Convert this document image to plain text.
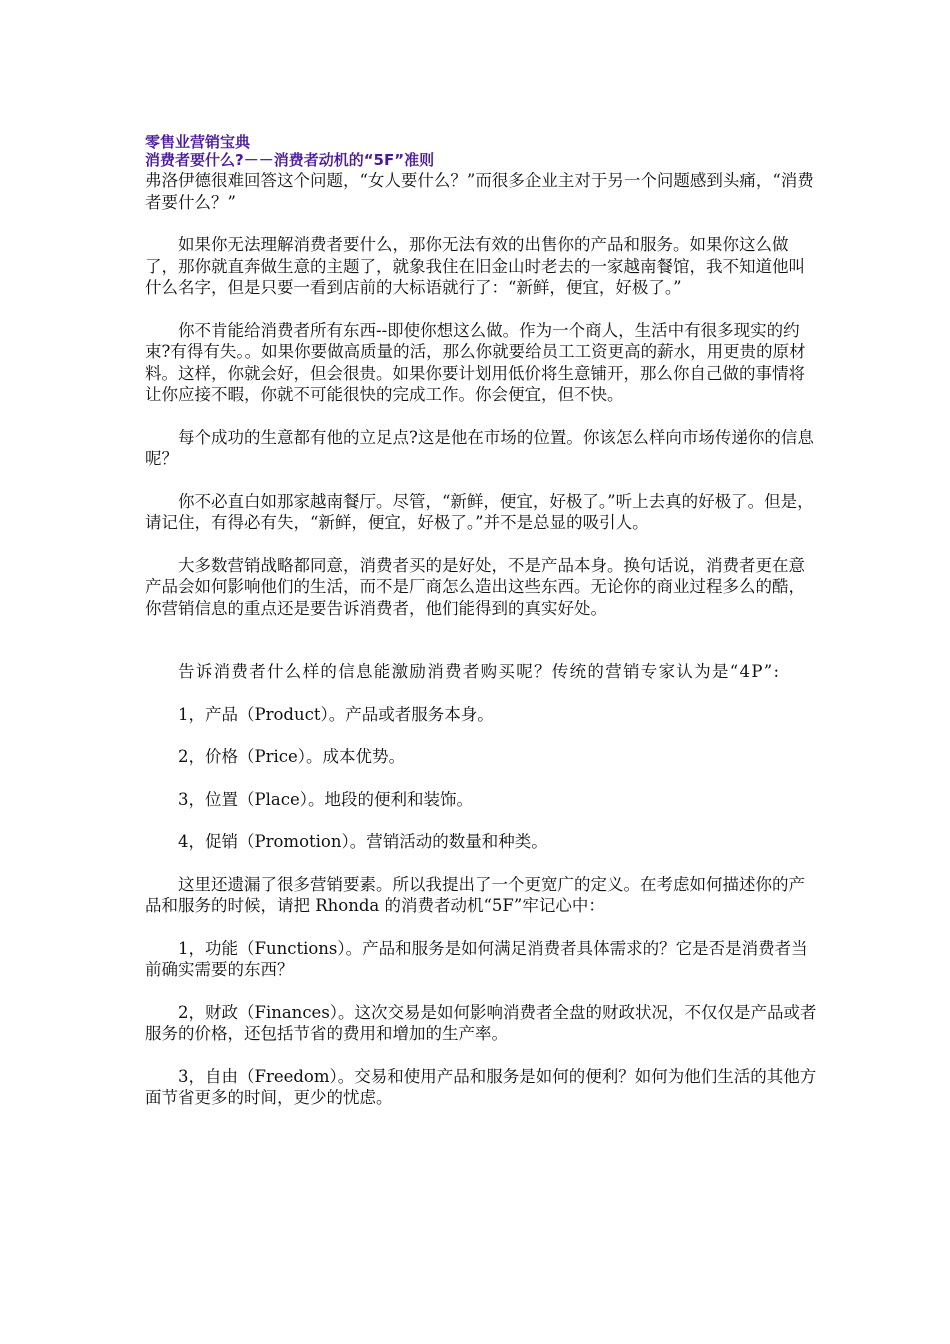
零售业营销宝典
消费者要什么?－－消费者动机的“5F”准则

弗洛伊德很难回答这个问题，“女人要什么？”而很多企业主对于另一个问题感到头痛，“消费者要什么？”

如果你无法理解消费者要什么，那你无法有效的出售你的产品和服务。如果你这么做了，那你就直奔做生意的主题了，就象我住在旧金山时老去的一家越南餐馆，我不知道他叫什么名字，但是只要一看到店前的大标语就行了：“新鲜，便宜，好极了。”

你不肯能给消费者所有东西--即使你想这么做。作为一个商人，生活中有很多现实的约束?有得有失。。如果你要做高质量的活，那么你就要给员工工资更高的薪水，用更贵的原材料。这样，你就会好，但会很贵。如果你要计划用低价将生意铺开，那么你自己做的事情将让你应接不暇，你就不可能很快的完成工作。你会便宜，但不快。

每个成功的生意都有他的立足点?这是他在市场的位置。你该怎么样向市场传递你的信息呢？

你不必直白如那家越南餐厅。尽管，“新鲜，便宜，好极了。”听上去真的好极了。但是，请记住，有得必有失，“新鲜，便宜，好极了。”并不是总显的吸引人。

大多数营销战略都同意，消费者买的是好处，不是产品本身。换句话说，消费者更在意产品会如何影响他们的生活，而不是厂商怎么造出这些东西。无论你的商业过程多么的酷，你营销信息的重点还是要告诉消费者，他们能得到的真实好处。

告诉消费者什么样的信息能激励消费者购买呢？传统的营销专家认为是“4P”:

1，产品（Product）。产品或者服务本身。

2，价格（Price）。成本优势。

3，位置（Place）。地段的便利和装饰。

4，促销（Promotion）。营销活动的数量和种类。

这里还遗漏了很多营销要素。所以我提出了一个更宽广的定义。在考虑如何描述你的产品和服务的时候，请把 Rhonda 的消费者动机“5F”牢记心中：

1，功能（Functions）。产品和服务是如何满足消费者具体需求的？它是否是消费者当前确实需要的东西？

2，财政（Finances）。这次交易是如何影响消费者全盘的财政状况，不仅仅是产品或者服务的价格，还包括节省的费用和增加的生产率。

3，自由（Freedom）。交易和使用产品和服务是如何的便利？如何为他们生活的其他方面节省更多的时间，更少的忧虑。
